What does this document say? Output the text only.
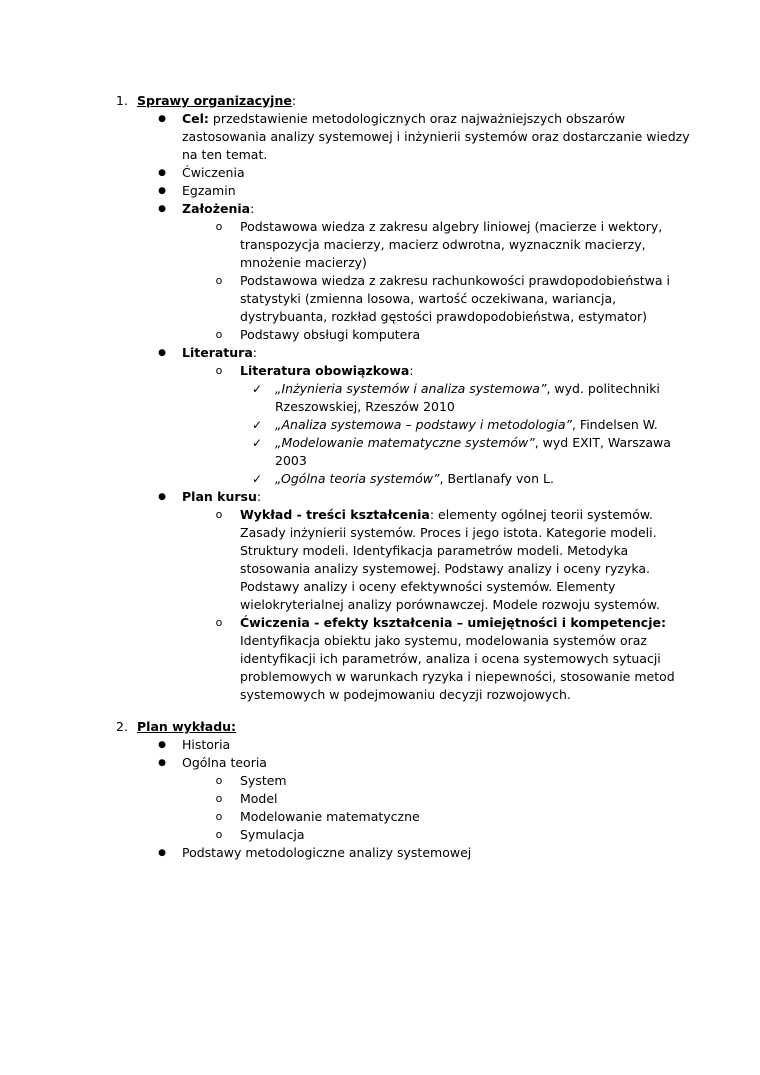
1. Sprawy organizacyjne:
● Cel: przedstawienie metodologicznych oraz najważniejszych obszarów
zastosowania analizy systemowej i inżynierii systemów oraz dostarczanie wiedzy
na ten temat.
● Ćwiczenia
● Egzamin
● Założenia:
o Podstawowa wiedza z zakresu algebry liniowej (macierze i wektory,
transpozycja macierzy, macierz odwrotna, wyznacznik macierzy,
mnożenie macierzy)
o Podstawowa wiedza z zakresu rachunkowości prawdopodobieństwa i
statystyki (zmienna losowa, wartość oczekiwana, wariancja,
dystrybuanta, rozkład gęstości prawdopodobieństwa, estymator)
o Podstawy obsługi komputera
● Literatura:
o Literatura obowiązkowa:
✓ „Inżynieria systemów i analiza systemowa”, wyd. politechniki
Rzeszowskiej, Rzeszów 2010
✓ „Analiza systemowa – podstawy i metodologia”, Findelsen W.
✓ „Modelowanie matematyczne systemów”, wyd EXIT, Warszawa
2003
✓ „Ogólna teoria systemów”, Bertlanafy von L.
● Plan kursu:
o Wykład - treści kształcenia: elementy ogólnej teorii systemów.
Zasady inżynierii systemów. Proces i jego istota. Kategorie modeli.
Struktury modeli. Identyfikacja parametrów modeli. Metodyka
stosowania analizy systemowej. Podstawy analizy i oceny ryzyka.
Podstawy analizy i oceny efektywności systemów. Elementy
wielokryterialnej analizy porównawczej. Modele rozwoju systemów.
o Ćwiczenia - efekty kształcenia – umiejętności i kompetencje:
Identyfikacja obiektu jako systemu, modelowania systemów oraz
identyfikacji ich parametrów, analiza i ocena systemowych sytuacji
problemowych w warunkach ryzyka i niepewności, stosowanie metod
systemowych w podejmowaniu decyzji rozwojowych.
2. Plan wykładu:
● Historia
● Ogólna teoria
o System
o Model
o Modelowanie matematyczne
o Symulacja
● Podstawy metodologiczne analizy systemowej
